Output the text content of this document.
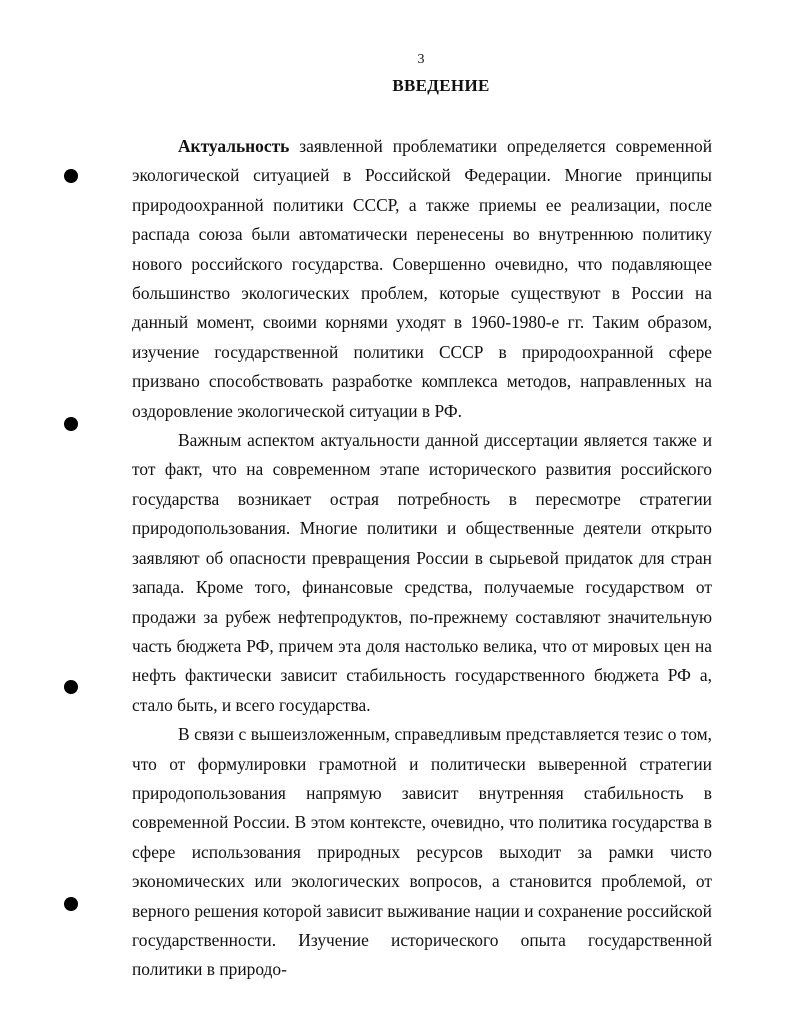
3
ВВЕДЕНИЕ

Актуальность заявленной проблематики определяется современной экологической ситуацией в Российской Федерации. Многие принципы природоохранной политики СССР, а также приемы ее реализации, после распада союза были автоматически перенесены во внутреннюю политику нового российского государства. Совершенно очевидно, что подавляющее большинство экологических проблем, которые существуют в России на данный момент, своими корнями уходят в 1960-1980-е гг. Таким образом, изучение государственной политики СССР в природоохранной сфере призвано способствовать разработке комплекса методов, направленных на оздоровление экологической ситуации в РФ.

Важным аспектом актуальности данной диссертации является также и тот факт, что на современном этапе исторического развития российского государства возникает острая потребность в пересмотре стратегии природопользования. Многие политики и общественные деятели открыто заявляют об опасности превращения России в сырьевой придаток для стран запада. Кроме того, финансовые средства, получаемые государством от продажи за рубеж нефтепродуктов, по-прежнему составляют значительную часть бюджета РФ, причем эта доля настолько велика, что от мировых цен на нефть фактически зависит стабильность государственного бюджета РФ а, стало быть, и всего государства.

В связи с вышеизложенным, справедливым представляется тезис о том, что от формулировки грамотной и политически выверенной стратегии природопользования напрямую зависит внутренняя стабильность в современной России. В этом контексте, очевидно, что политика государства в сфере использования природных ресурсов выходит за рамки чисто экономических или экологических вопросов, а становится проблемой, от верного решения которой зависит выживание нации и сохранение российской государственности. Изучение исторического опыта государственной политики в природо-
